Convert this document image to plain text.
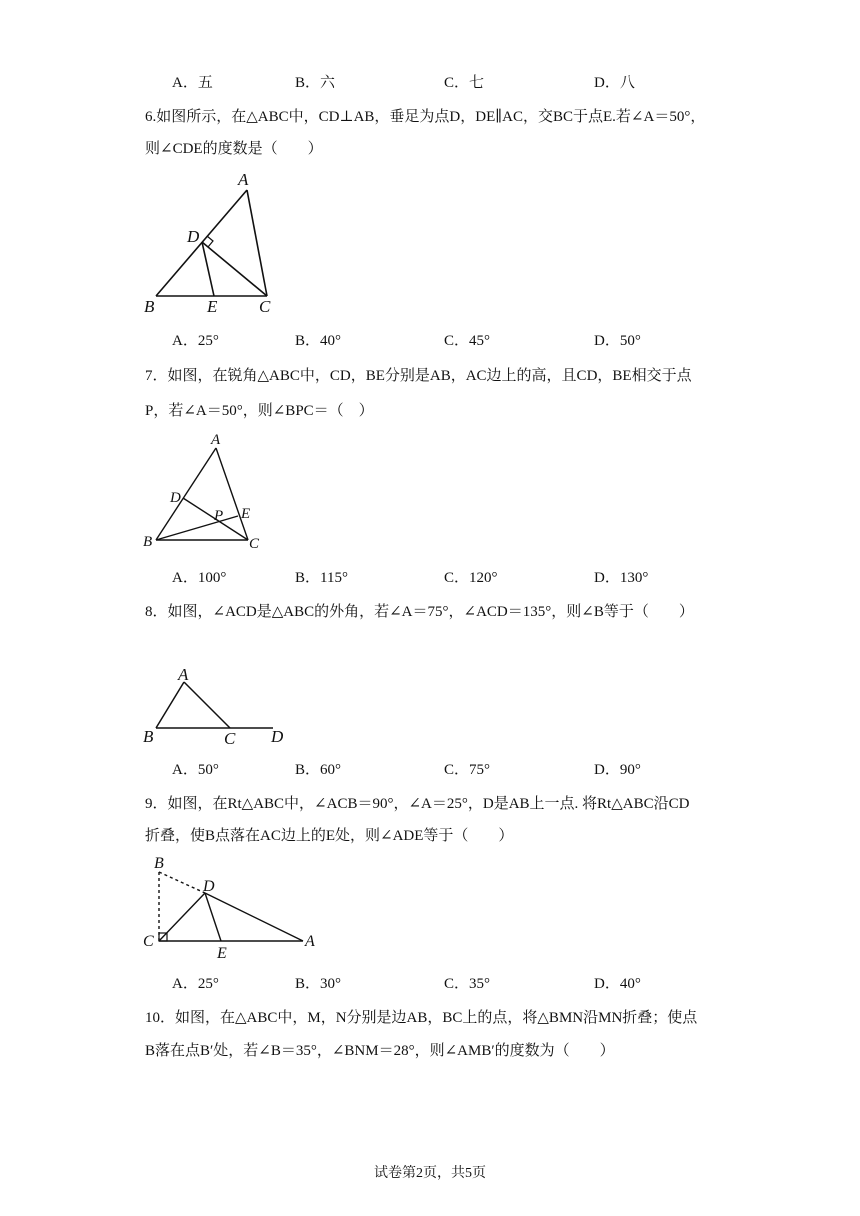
A．五	B．六	C．七	D．八
6.如图所示，在△ABC中，CD⊥AB，垂足为点D，DE∥AC，交BC于点E.若∠A＝50°，
则∠CDE的度数是（　　）
A
D
B	E C
A．25°	B．40°	C．45°	D．50°
7．如图，在锐角△ABC中，CD，BE分别是AB，AC边上的高，且CD，BE相交于点
P，若∠A＝50°，则∠BPC＝（　）
A
D
P E
B	C
A．100°	B．115°	C．120°	D．130°
8．如图，∠ACD是△ABC的外角，若∠A＝75°，∠ACD＝135°，则∠B等于（　　）
A
B	C D
A．50°	B．60°	C．75°	D．90°
9．如图，在Rt△ABC中，∠ACB＝90°，∠A＝25°，D是AB上一点. 将Rt△ABC沿CD
折叠，使B点落在AC边上的E处，则∠ADE等于（　　）
B
D
C
E
A
A．25°	B．30°	C．35°	D．40°
10．如图，在△ABC中，M，N分别是边AB，BC上的点，将△BMN沿MN折叠；使点
B落在点B′处，若∠B＝35°，∠BNM＝28°，则∠AMB′的度数为（　　）
试卷第2页，共5页
